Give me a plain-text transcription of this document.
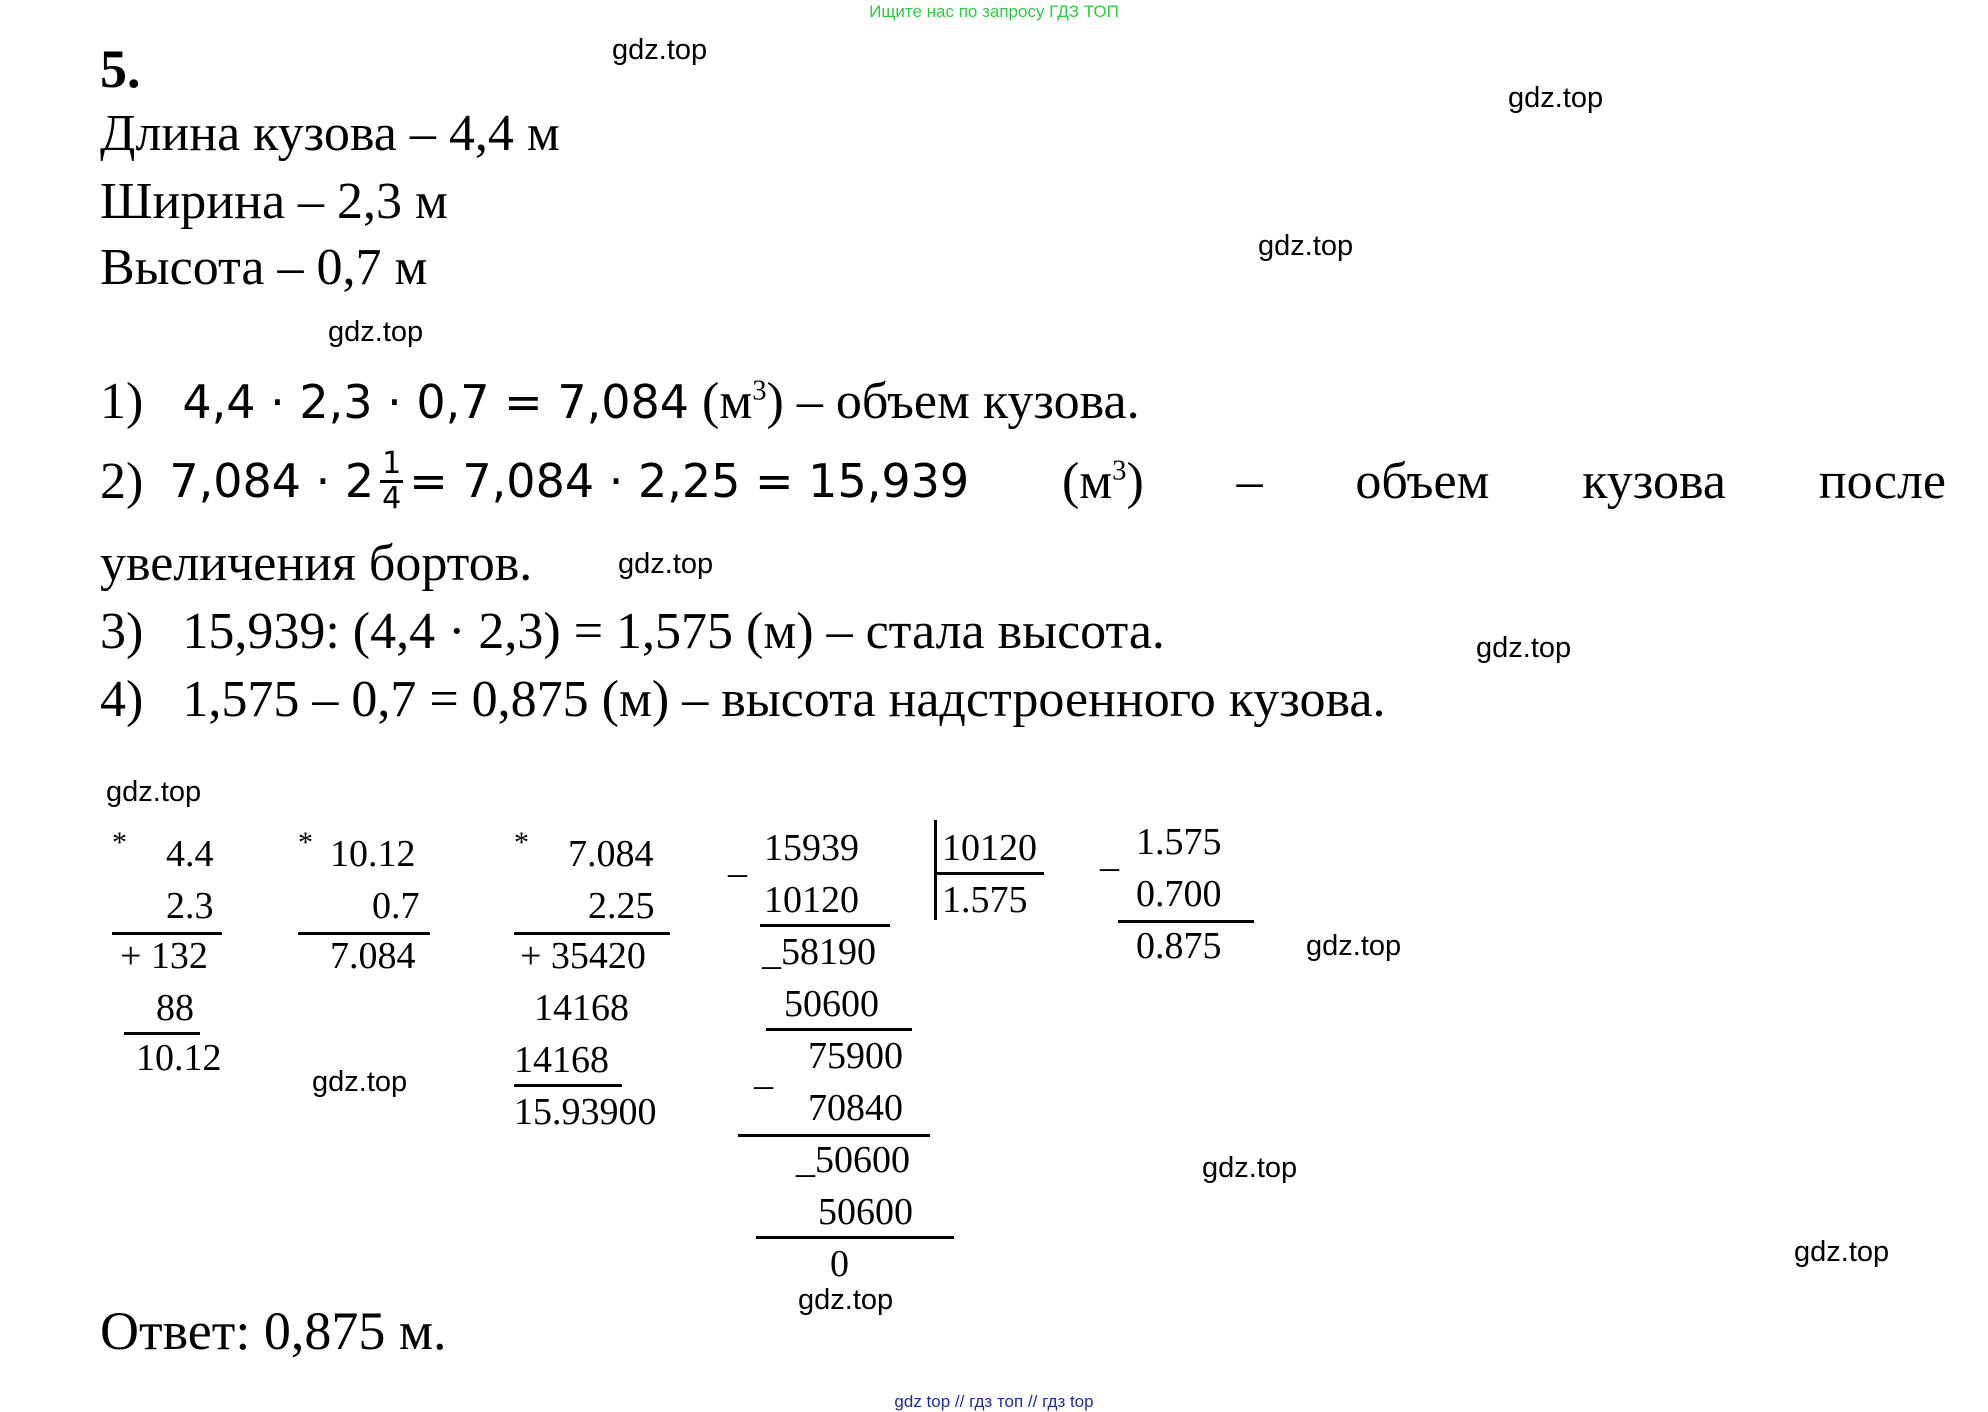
Ищите нас по запросу ГДЗ ТОП
gdz top // гдз топ // гдз top
gdz.top
gdz.top
gdz.top
gdz.top
gdz.top
gdz.top
gdz.top
gdz.top
gdz.top
gdz.top
gdz.top
gdz.top
5.
Длина кузова – 4,4 м
Ширина – 2,3 м
Высота – 0,7 м
1) 4,4 · 2,3 · 0,7 = 7,084 $(м^3)$ – объем кузова.
2)
$7,084 \cdot 2 \frac{1}{4} = 7,084 \cdot 2,25 = 15,939$ $(м^3)$ – объем кузова после
увеличения бортов.
3) 15,939: (4,4 · 2,3) = 1,575 (м) – стала высота.
4) 1,575 – 0,7 = 0,875 (м) – высота надстроенного кузова.
* 4.4
2.3
+ 132
88
10.12
* 10.12
0.7
7.084
* 7.084
2.25
+ 35420
14168
14168
15.93900
_ 15939 10120
1.575
10120
_58190
50600
_ 75900
70840
_50600
50600
0
_ 1.575
0.700
0.875
Ответ: 0,875 м.
